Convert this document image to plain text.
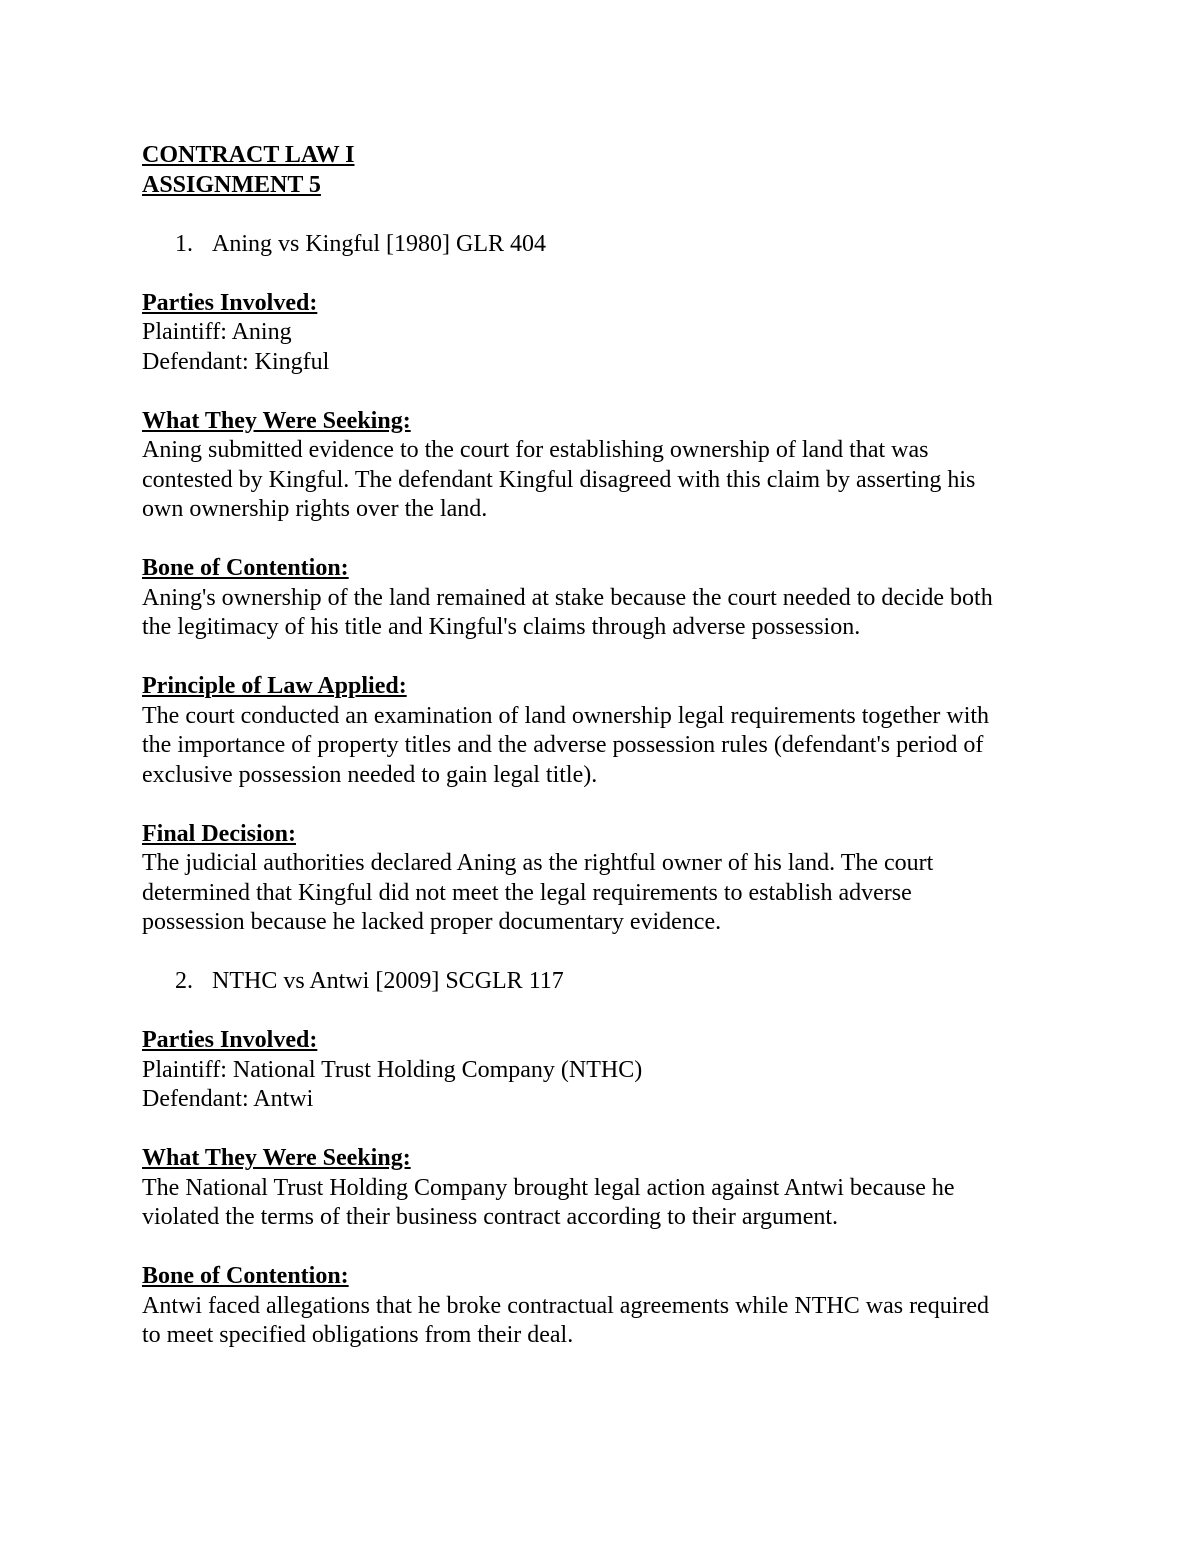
CONTRACT LAW I
ASSIGNMENT 5
1. Aning vs Kingful [1980] GLR 404
Parties Involved:
Plaintiff: Aning
Defendant: Kingful
What They Were Seeking:
Aning submitted evidence to the court for establishing ownership of land that was
contested by Kingful. The defendant Kingful disagreed with this claim by asserting his
own ownership rights over the land.
Bone of Contention:
Aning's ownership of the land remained at stake because the court needed to decide both
the legitimacy of his title and Kingful's claims through adverse possession.
Principle of Law Applied:
The court conducted an examination of land ownership legal requirements together with
the importance of property titles and the adverse possession rules (defendant's period of
exclusive possession needed to gain legal title).
Final Decision:
The judicial authorities declared Aning as the rightful owner of his land. The court
determined that Kingful did not meet the legal requirements to establish adverse
possession because he lacked proper documentary evidence.
2. NTHC vs Antwi [2009] SCGLR 117
Parties Involved:
Plaintiff: National Trust Holding Company (NTHC)
Defendant: Antwi
What They Were Seeking:
The National Trust Holding Company brought legal action against Antwi because he
violated the terms of their business contract according to their argument.
Bone of Contention:
Antwi faced allegations that he broke contractual agreements while NTHC was required
to meet specified obligations from their deal.
